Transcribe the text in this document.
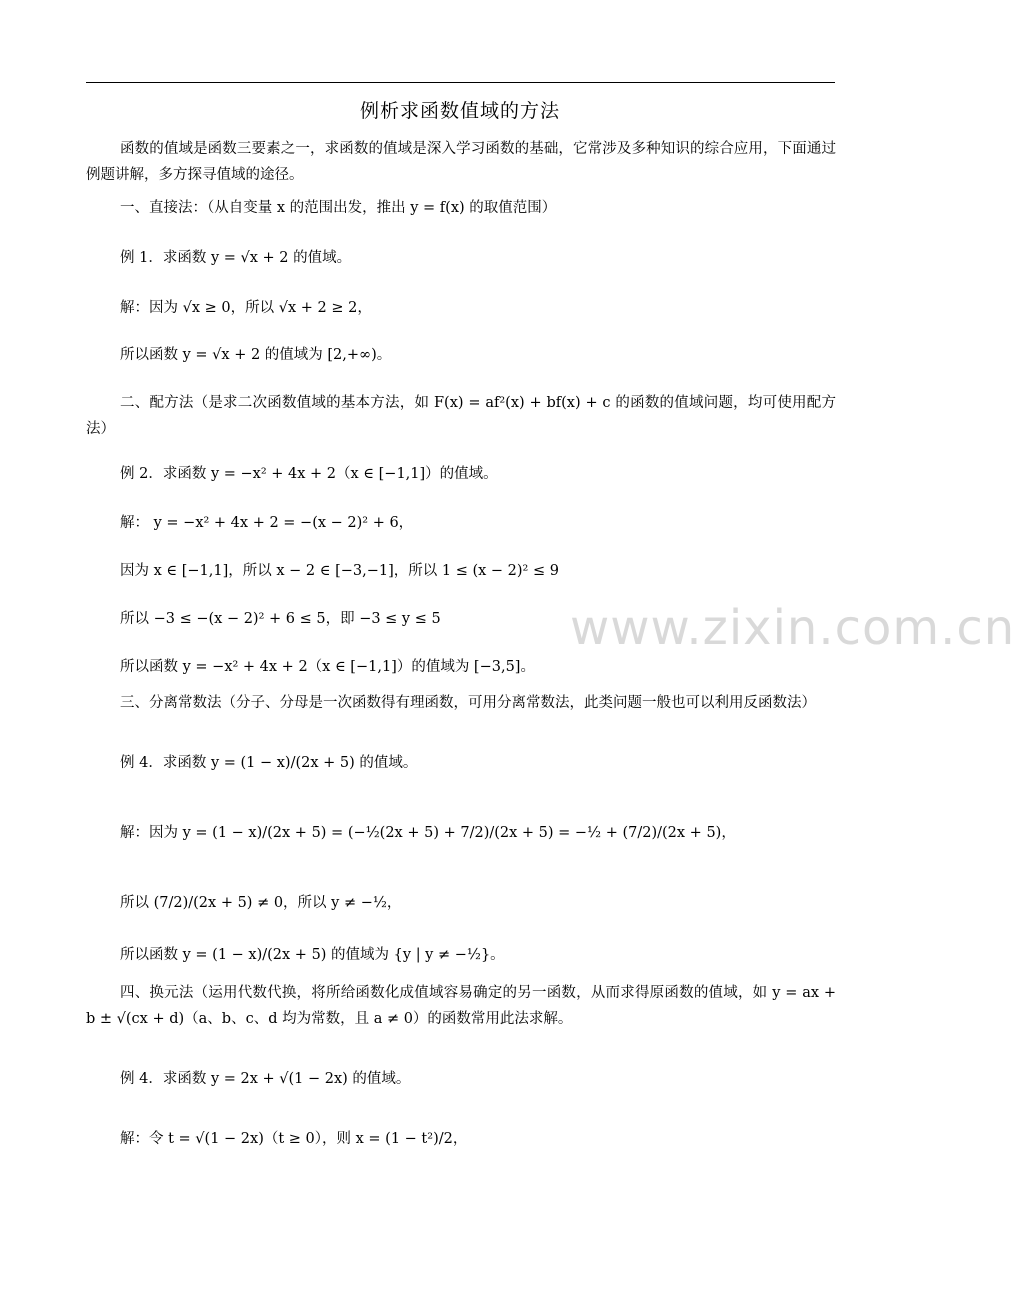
例析求函数值域的方法
www.zixin.com.cn
函数的值域是函数三要素之一，求函数的值域是深入学习函数的基础，它常涉及多种知识的综合应用，下面通过例题讲解，多方探寻值域的途径。
一、直接法：（从自变量 x 的范围出发，推出 y = f(x) 的取值范围）
例 1．求函数 y = √x + 2 的值域。
解：因为 √x ≥ 0，所以 √x + 2 ≥ 2，
所以函数 y = √x + 2 的值域为 [2,+∞)。
二、配方法（是求二次函数值域的基本方法，如 F(x) = af²(x) + bf(x) + c 的函数的值域问题，均可使用配方法）
例 2．求函数 y = −x² + 4x + 2（x ∈ [−1,1]）的值域。
解： y = −x² + 4x + 2 = −(x − 2)² + 6，
因为 x ∈ [−1,1]，所以 x − 2 ∈ [−3,−1]，所以 1 ≤ (x − 2)² ≤ 9
所以 −3 ≤ −(x − 2)² + 6 ≤ 5，即 −3 ≤ y ≤ 5
所以函数 y = −x² + 4x + 2（x ∈ [−1,1]）的值域为 [−3,5]。
三、分离常数法（分子、分母是一次函数得有理函数，可用分离常数法，此类问题一般也可以利用反函数法）
例 4．求函数 y = (1 − x)/(2x + 5) 的值域。
解：因为 y = (1 − x)/(2x + 5) = (−½(2x + 5) + 7/2)/(2x + 5) = −½ + (7/2)/(2x + 5)，
所以 (7/2)/(2x + 5) ≠ 0，所以 y ≠ −½，
所以函数 y = (1 − x)/(2x + 5) 的值域为 {y | y ≠ −½}。
四、换元法（运用代数代换，将所给函数化成值域容易确定的另一函数，从而求得原函数的值域，如 y = ax + b ± √(cx + d)（a、b、c、d 均为常数，且 a ≠ 0）的函数常用此法求解。
例 4．求函数 y = 2x + √(1 − 2x) 的值域。
解：令 t = √(1 − 2x)（t ≥ 0），则 x = (1 − t²)/2，
